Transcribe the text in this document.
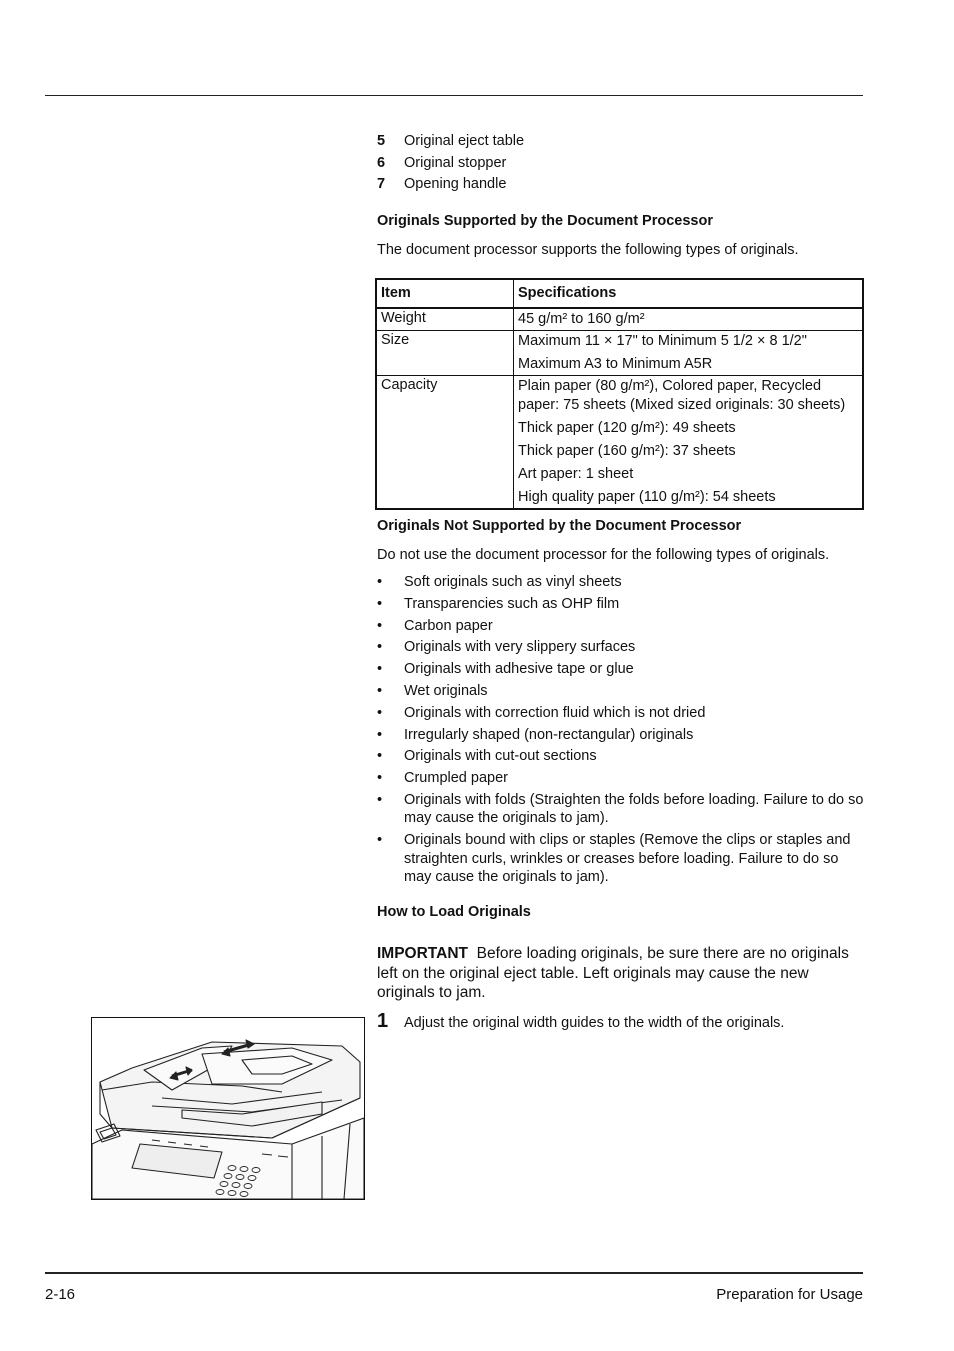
5	Original eject table
6	Original stopper
7	Opening handle
Originals Supported by the Document Processor
The document processor supports the following types of originals.
Item	Specifications
Weight	45 g/m² to 160 g/m²

Size	Maximum 11 × 17" to Minimum 5 1/2 × 8 1/2"
Maximum A3 to Minimum A5R

Capacity	Plain paper (80 g/m²), Colored paper, Recycled paper: 75 sheets (Mixed sized originals: 30 sheets)
Thick paper (120 g/m²): 49 sheets
Thick paper (160 g/m²): 37 sheets
Art paper: 1 sheet
High quality paper (110 g/m²): 54 sheets
Originals Not Supported by the Document Processor
Do not use the document processor for the following types of originals.
•	Soft originals such as vinyl sheets
•	Transparencies such as OHP film
•	Carbon paper
•	Originals with very slippery surfaces
•	Originals with adhesive tape or glue
•	Wet originals
•	Originals with correction fluid which is not dried
•	Irregularly shaped (non-rectangular) originals
•	Originals with cut-out sections
•	Crumpled paper
•	Originals with folds (Straighten the folds before loading. Failure to do so may cause the originals to jam).
•	Originals bound with clips or staples (Remove the clips or staples and straighten curls, wrinkles or creases before loading. Failure to do so may cause the originals to jam).
How to Load Originals
IMPORTANT Before loading originals, be sure there are no originals left on the original eject table. Left originals may cause the new originals to jam.
1	Adjust the original width guides to the width of the originals.
2-16	Preparation for Usage
